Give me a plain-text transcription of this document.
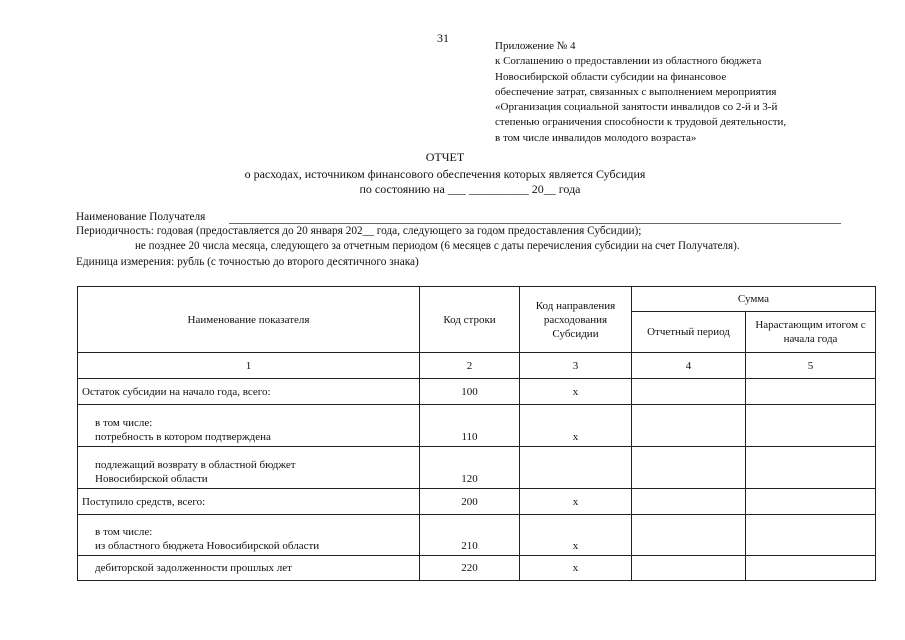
31
Приложение № 4
к Соглашению о предоставлении из областного бюджета
Новосибирской области субсидии на финансовое
обеспечение затрат, связанных с выполнением мероприятия
«Организация социальной занятости инвалидов со 2-й и 3-й
степенью ограничения способности к трудовой деятельности,
в том числе инвалидов молодого возраста»
ОТЧЕТ
о расходах, источником финансового обеспечения которых является Субсидия
по состоянию на ___ __________ 20__ года
Наименование Получателя
Периодичность: годовая (предоставляется до 20 января 202__ года, следующего за годом предоставления Субсидии);
не позднее 20 числа месяца, следующего за отчетным периодом (6 месяцев с даты перечисления субсидии на счет Получателя).
Единица измерения: рубль (с точностью до второго десятичного знака)
Наименование показателя	Код строки	Код направления расходования Субсидии	Сумма	
			Отчетный период	Нарастающим итогом с начала года
1	2	3	4	5
Остаток субсидии на начало года, всего:	100	x		

в том числе:
потребность в котором подтверждена	110	x		
подлежащий возврату в областной бюджет Новосибирской области	120			
Поступило средств, всего:	200	x		

в том числе:
из областного бюджета Новосибирской области	210	x		
дебиторской задолженности прошлых лет	220	x		
